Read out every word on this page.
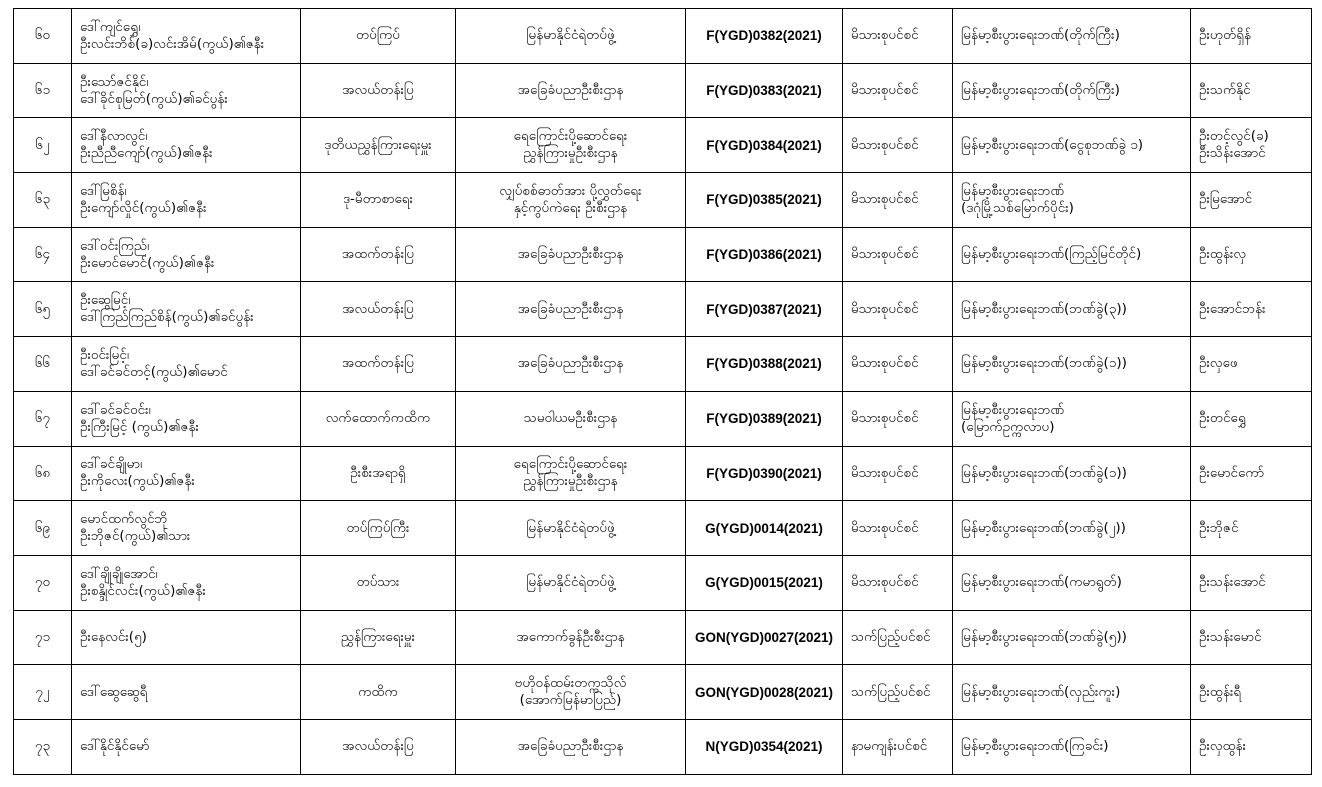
၆၀	ဒေါ်ကျင်ရွှေ၊
ဦးလင်းဘိစ်(ခ)လင်းအိမ်(ကွယ်)၏ဇနီး	တပ်ကြပ်	မြန်မာနိုင်ငံရဲတပ်ဖွဲ့	F(YGD)0382(2021)	မိသားစုပင်စင်	မြန်မာ့စီးပွားရေးဘဏ်(တိုက်ကြီး)	ဦးဟုတ်ရှိန်

၆၁	ဦးသော်ဇင်နိုင်၊
ဒေါ်ခိုင်စုမြတ်(ကွယ်)၏ခင်ပွန်း	အလယ်တန်းပြ	အခြေခံပညာဦးစီးဌာန	F(YGD)0383(2021)	မိသားစုပင်စင်	မြန်မာ့စီးပွားရေးဘဏ်(တိုက်ကြီး)	ဦးသက်နိုင်

၆၂	ဒေါ်နီလာလွင်၊
ဦးညီညီကျော်(ကွယ်)၏ဇနီး	ဒုတိယညွှန်ကြားရေးမှူး	ရေကြောင်းပို့ဆောင်ရေး
ညွှန်ကြားမှုဦးစီးဌာန	F(YGD)0384(2021)	မိသားစုပင်စင်	မြန်မာ့စီးပွားရေးဘဏ်(ငွေစုဘဏ်ခွဲ ၁)	ဦးတင့်လွင်(ခ)
ဦးသိန်းအောင်

၆၃	ဒေါ်မြစိန်၊
ဦးကျော်လှိုင်(ကွယ်)၏ဇနီး	ဒု-မီတာစာရေး	လျှပ်စစ်ဓာတ်အား ပို့လွှတ်ရေး
နှင့်ကွပ်ကဲရေး ဦးစီးဌာန	F(YGD)0385(2021)	မိသားစုပင်စင်	မြန်မာ့စီးပွားရေးဘဏ်
(ဒဂုံမြို့သစ်မြောက်ပိုင်း)	ဦးမြအောင်

၆၄	ဒေါ်ဝင်းကြည်၊
ဦးမောင်မောင်(ကွယ်)၏ဇနီး	အထက်တန်းပြ	အခြေခံပညာဦးစီးဌာန	F(YGD)0386(2021)	မိသားစုပင်စင်	မြန်မာ့စီးပွားရေးဘဏ်(ကြည့်မြင်တိုင်)	ဦးထွန်းလှ

၆၅	ဦးဆွေမြင့်၊
ဒေါ်ကြည်ကြည်စိန်(ကွယ်)၏ခင်ပွန်း	အလယ်တန်းပြ	အခြေခံပညာဦးစီးဌာန	F(YGD)0387(2021)	မိသားစုပင်စင်	မြန်မာ့စီးပွားရေးဘဏ်(ဘဏ်ခွဲ(၃))	ဦးအောင်ဘန်း

၆၆	ဦးဝင်းမြင့်၊
ဒေါ်ခင်ခင်တင့်(ကွယ်)၏မောင်	အထက်တန်းပြ	အခြေခံပညာဦးစီးဌာန	F(YGD)0388(2021)	မိသားစုပင်စင်	မြန်မာ့စီးပွားရေးဘဏ်(ဘဏ်ခွဲ(၁))	ဦးလှဖေ

၆၇	ဒေါ်ခင်ခင်ဝင်း၊
ဦးကြီးမြင့် (ကွယ်)၏ဇနီး	လက်ထောက်ကထိက	သမဝါယမဦးစီးဌာန	F(YGD)0389(2021)	မိသားစုပင်စင်	မြန်မာ့စီးပွားရေးဘဏ်
(မြောက်ဥက္ကလာပ)	ဦးတင်ရွှေ

၆၈	ဒေါ်ခင်ချိုမာ၊
ဦးကိုလေး(ကွယ်)၏ဇနီး	ဦးစီးအရာရှိ	ရေကြောင်းပို့ဆောင်ရေး
ညွှန်ကြားမှုဦးစီးဌာန	F(YGD)0390(2021)	မိသားစုပင်စင်	မြန်မာ့စီးပွားရေးဘဏ်(ဘဏ်ခွဲ(၁))	ဦးမောင်ကော်

၆၉	မောင်ထက်လွင်ဘို
ဦးဘိုဇင်(ကွယ်)၏သား	တပ်ကြပ်ကြီး	မြန်မာနိုင်ငံရဲတပ်ဖွဲ့	G(YGD)0014(2021)	မိသားစုပင်စင်	မြန်မာ့စီးပွားရေးဘဏ်(ဘဏ်ခွဲ(၂))	ဦးဘိုဇင်

၇၀	ဒေါ်ချိုချိုအောင်၊
ဦးစန္ဒိုင်လင်း(ကွယ်)၏ဇနီး	တပ်သား	မြန်မာနိုင်ငံရဲတပ်ဖွဲ့	G(YGD)0015(2021)	မိသားစုပင်စင်	မြန်မာ့စီးပွားရေးဘဏ်(ကမာရွတ်)	ဦးသန်းအောင်

၇၁	ဦးနေလင်း(၅)	ညွှန်ကြားရေးမှူး	အကောက်ခွန်ဦးစီးဌာန	GON(YGD)0027(2021)	သက်ပြည့်ပင်စင်	မြန်မာ့စီးပွားရေးဘဏ်(ဘဏ်ခွဲ(၅))	ဦးသန်းမောင်

၇၂	ဒေါ်ဆွေဆွေရီ	ကထိက	ဗဟိုဝန်ထမ်းတက္ကသိုလ်
(အောက်မြန်မာပြည်)	GON(YGD)0028(2021)	သက်ပြည့်ပင်စင်	မြန်မာ့စီးပွားရေးဘဏ်(လှည်းကူး)	ဦးထွန်းရီ

၇၃	ဒေါ်နိုင်နိုင်မော်	အလယ်တန်းပြ	အခြေခံပညာဦးစီးဌာန	N(YGD)0354(2021)	နာမကျန်းပင်စင်	မြန်မာ့စီးပွားရေးဘဏ်(ကြခင်း)	ဦးလှထွန်း
